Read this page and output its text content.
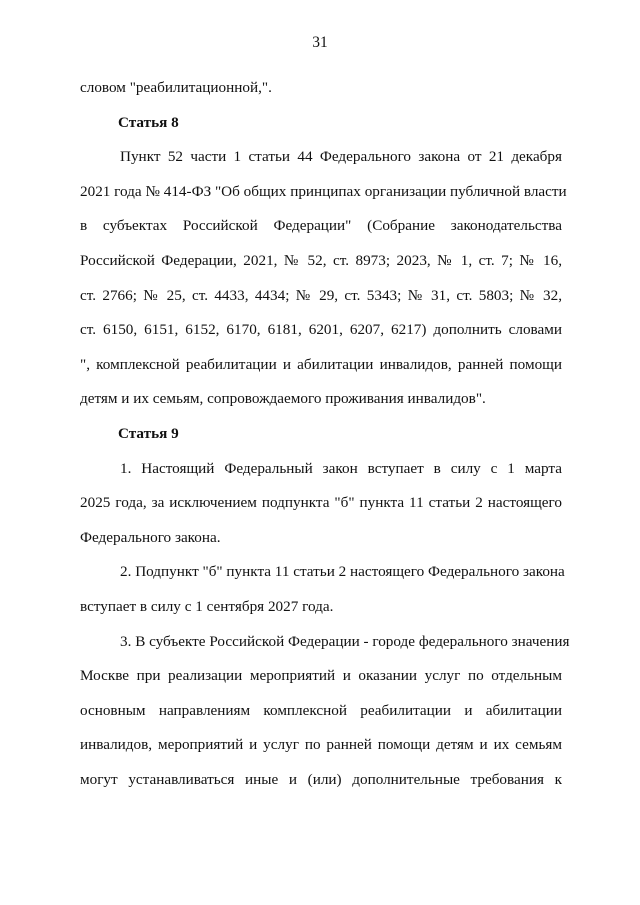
31
словом "реабилитационной,".
Статья 8
Пункт 52 части 1 статьи 44 Федерального закона от 21 декабря
2021 года № 414-ФЗ "Об общих принципах организации публичной власти
в субъектах Российской Федерации" (Собрание законодательства
Российской Федерации, 2021, № 52, ст. 8973; 2023, № 1, ст. 7; № 16,
ст. 2766; № 25, ст. 4433, 4434; № 29, ст. 5343; № 31, ст. 5803; № 32,
ст. 6150, 6151, 6152, 6170, 6181, 6201, 6207, 6217) дополнить словами
", комплексной реабилитации и абилитации инвалидов, ранней помощи
детям и их семьям, сопровождаемого проживания инвалидов".
Статья 9
1. Настоящий Федеральный закон вступает в силу с 1 марта
2025 года, за исключением подпункта "б" пункта 11 статьи 2 настоящего
Федерального закона.
2. Подпункт "б" пункта 11 статьи 2 настоящего Федерального закона
вступает в силу с 1 сентября 2027 года.
3. В субъекте Российской Федерации - городе федерального значения
Москве при реализации мероприятий и оказании услуг по отдельным
основным направлениям комплексной реабилитации и абилитации
инвалидов, мероприятий и услуг по ранней помощи детям и их семьям
могут устанавливаться иные и (или) дополнительные требования к
